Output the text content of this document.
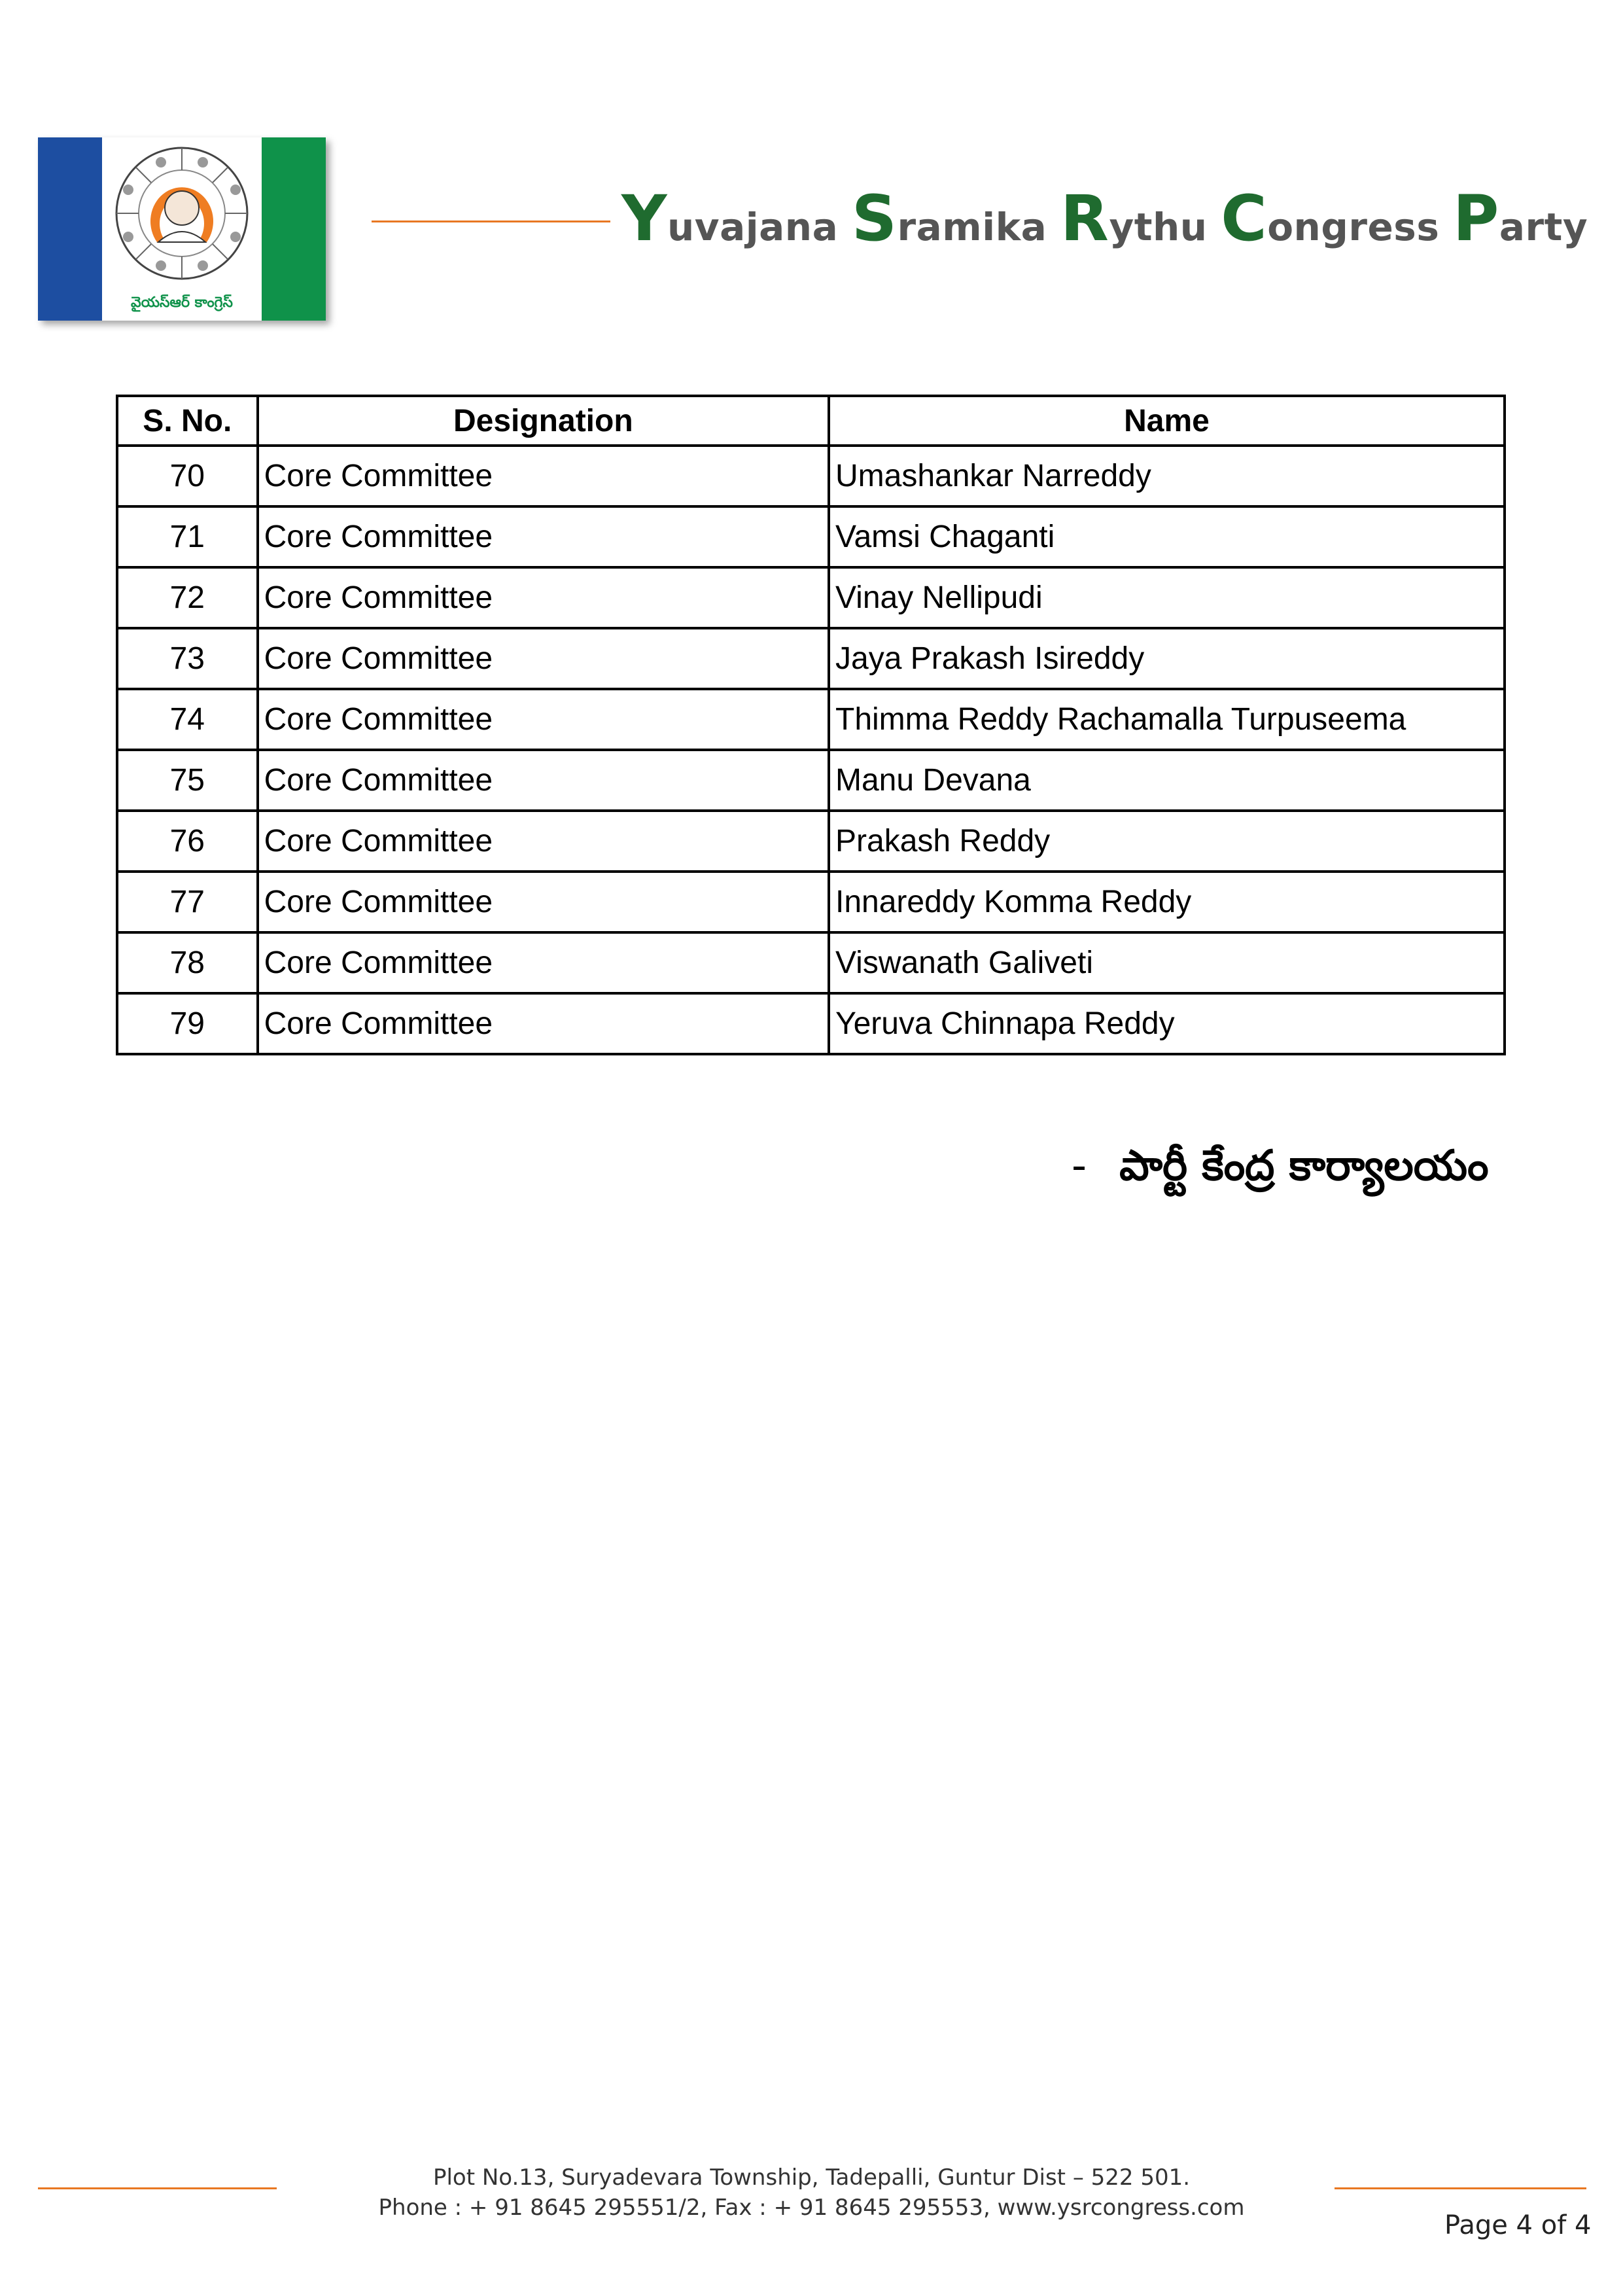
వైయస్ఆర్ కాంగ్రెస్
Yuvajana Sramika Rythu Congress Party
S. No.	Designation	Name
70	Core Committee	Umashankar Narreddy
71	Core Committee	Vamsi Chaganti
72	Core Committee	Vinay Nellipudi
73	Core Committee	Jaya Prakash Isireddy
74	Core Committee	Thimma Reddy Rachamalla Turpuseema
75	Core Committee	Manu Devana
76	Core Committee	Prakash Reddy
77	Core Committee	Innareddy Komma Reddy
78	Core Committee	Viswanath Galiveti
79	Core Committee	Yeruva Chinnapa Reddy
- పార్టీ కేంద్ర కార్యాలయం
Plot No.13, Suryadevara Township, Tadepalli, Guntur Dist – 522 501.
Phone : + 91 8645 295551/2, Fax : + 91 8645 295553, www.ysrcongress.com
Page 4 of 4
